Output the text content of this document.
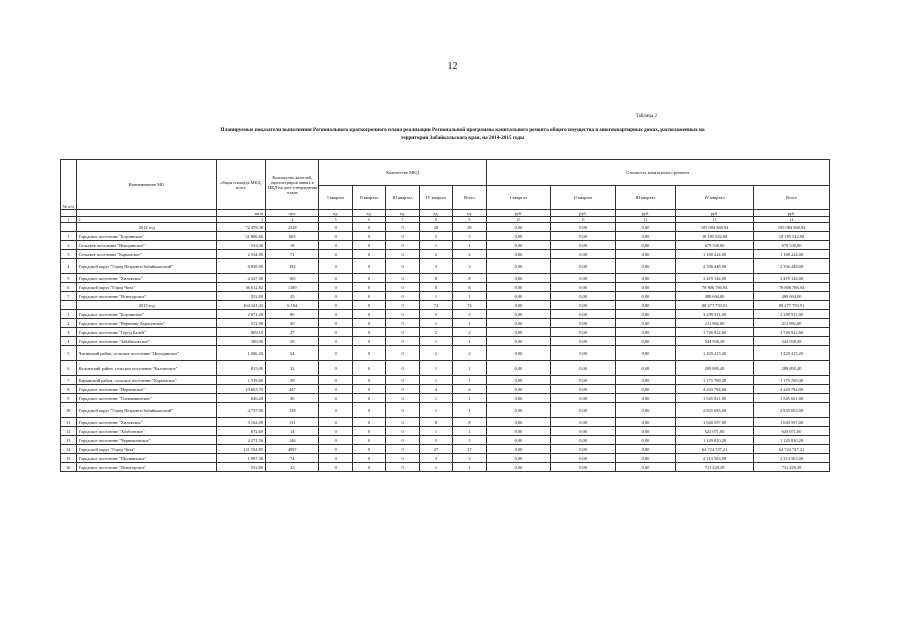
12
Таблица 2
Планируемые показатели выполнения Регионального краткосрочного плана реализации Региональной программы капитального ремонта общего имущества в многоквартирных домах, расположенных на
территории Забайкальского края, на 2014-2015 годы
№ п/п	Наименование МО	общая площадь МКД, всего	Количество жителей, зарегистриров анных в МКД на дату утверждения плана	Количество МКД					Стоимость капитального ремонта				
				I квартал	II квартал	III квартал	IV квартал	Всего	I квартал	II квартал	III квартал	IV квартал	Всего
		кв.м	чел.	ед.	ед.	ед.	ед.	ед.	руб.	руб.	руб.	руб.	руб.
1	2	3	4	5	6	7	8	9	10	11	12	13	14
	2014 год	72 478,38	2328	0	0	0	28	28	0,00	0,00	0,00	105 084 368,94	105 084 368,94
1	Городское поселение "Борзинское"	21 866,66	665	0	0	0	5	5	0,00	0,00	0,00	18 185 542,00	18 185 542,00
2	Сельское поселение "Ингодинское"	533,30	18	0	0	0	1	1	0,00	0,00	0,00	679 530,00	679 530,00
3	Сельское поселение "Карымское"	2 534,90	72	0	0	0	2	2	0,00	0,00	0,00	1 168 224,00	1 168 224,00
4	Городской округ "Город Петровск-Забайкальский"	6 049,90	194	0	0	0	3	3	0,00	0,00	0,00	2 336 448,00	2 336 448,00
5	Городское поселение "Хилокское"	4 327,00	165	0	0	0	8	8	0,00	0,00	0,00	3 419 144,00	3 419 144,00
6	Городской округ "Город Чита"	36 612,82	1189	0	0	0	8	8	0,00	0,00	0,00	78 806 786,94	78 806 786,94
7	Городское поселение "Ясногорское"	552,80	25	0	0	0	1	1	0,00	0,00	0,00	488 694,00	488 694,00
	2015 год	164 241,43	6 184	0	0	0	74	74	0,00	0,00	0,00	88 277 759,91	88 277 759,91
1	Городское поселение "Борзинское"	2 671,20	80	0	0	0	5	5	0,00	0,00	0,00	3 209 911,00	3 209 911,00
2	Городское поселение "Вершино-Дарасунское"	572,90	30	0	0	0	1	1	0,00	0,00	0,00	211 982,00	211 982,00
3	Городское поселение "Город Балей"	809,18	27	0	0	0	2	2	0,00	0,00	0,00	1 726 922,66	1 726 922,66
4	Городское поселение "Забайкальское"	389,00	29	0	0	0	1	1	0,00	0,00	0,00	544 938,38	544 938,38
5	Читинский район, сельское поселение "Ингодинское"	1 006,20	54	0	0	0	2	2	0,00	0,00	0,00	1 429 415,20	1 429 415,20
6	Калганский район, сельское поселение "Калганское"	815,00	32	0	0	0	1	1	0,00	0,00	0,00	289 895,40	289 895,40
7	Карымский район, сельское поселение "Карымское"	1 519,00	39	0	0	0	1	1	0,00	0,00	0,00	1 175 769,40	1 175 769,40
8	Городское поселение "Нерчинское"	10 663,70	447	0	0	0	4	4	0,00	0,00	0,00	4 243 794,00	4 243 794,00
9	Городское поселение "Оловяннинское"	826,20	30	0	0	0	1	1	0,00	0,00	0,00	1 545 021,00	1 545 021,00
10	Городской округ "Город Петровск-Забайкальский"	4 757,90	138	0	0	0	1	1	0,00	0,00	0,00	2 835 693,00	2 835 693,00
11	Городское поселение "Хилокское"	3 162,00	131	0	0	0	8	8	0,00	0,00	0,00	1 640 597,00	1 640 597,00
12	Городское поселение "Холбонское"	672,60	14	0	0	0	1	1	0,00	0,00	0,00	625 071,00	625 071,00
13	Городское поселение "Чернышевское"	2 271,50	146	0	0	0	5	5	0,00	0,00	0,00	1 129 810,28	1 129 810,28
14	Городской округ "Город Чита"	131 554,85	4997	0	0	0	37	37	0,00	0,00	0,00	64 724 747,21	64 724 747,21
15	Городское поселение "Шилкинское"	1 997,30	74	0	0	0	3	3	0,00	0,00	0,00	2 213 563,00	2 213 563,00
16	Городское поселение "Ясногорское"	552,80	25	0	0	0	1	1	0,00	0,00	0,00	731 429,38	731 429,38
